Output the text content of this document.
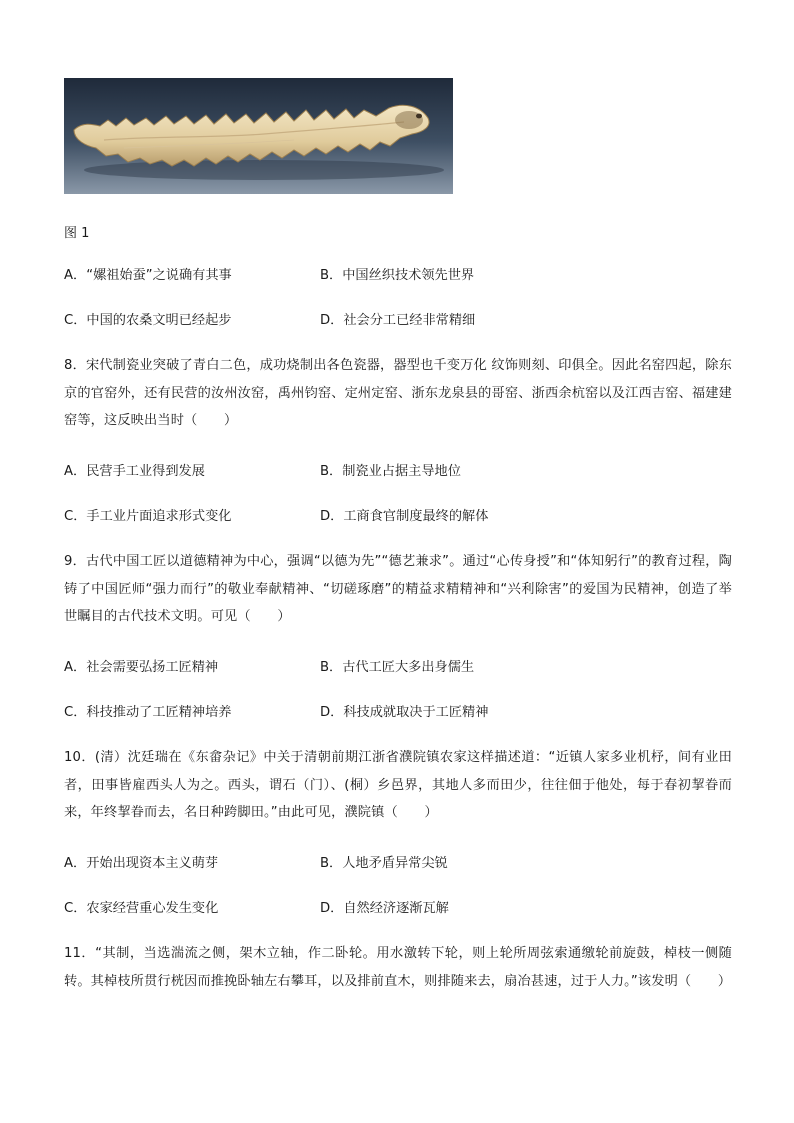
图 1
A．“嫘祖始蚕”之说确有其事	B．中国丝织技术领先世界
C．中国的农桑文明已经起步	D．社会分工已经非常精细
8．宋代制瓷业突破了青白二色，成功烧制出各色瓷器，器型也千变万化 纹饰则刻、印俱全。因此名窑四起，除东京的官窑外，还有民营的汝州汝窑，禹州钧窑、定州定窑、浙东龙泉县的哥窑、浙西余杭窑以及江西吉窑、福建建窑等，这反映出当时（　　）
A．民营手工业得到发展	B．制瓷业占据主导地位
C．手工业片面追求形式变化	D．工商食官制度最终的解体
9．古代中国工匠以道德精神为中心，强调“以德为先”“德艺兼求”。通过“心传身授”和“体知躬行”的教育过程，陶铸了中国匠师“强力而行”的敬业奉献精神、“切磋琢磨”的精益求精精神和“兴利除害”的爱国为民精神，创造了举世瞩目的古代技术文明。可见（　　）
A．社会需要弘扬工匠精神	B．古代工匠大多出身儒生
C．科技推动了工匠精神培养	D．科技成就取决于工匠精神
10．(清）沈廷瑞在《东畲杂记》中关于清朝前期江浙省濮院镇农家这样描述道：“近镇人家多业机杼，间有业田者，田事皆雇西头人为之。西头，谓石（门）、(桐）乡邑界，其地人多而田少，往往佃于他处，每于春初挈眷而来，年终挈眷而去，名日种跨脚田。”由此可见，濮院镇（　　）
A．开始出现资本主义萌芽	B．人地矛盾异常尖锐
C．农家经营重心发生变化	D．自然经济逐渐瓦解
11．“其制，当选湍流之侧，架木立轴，作二卧轮。用水激转下轮，则上轮所周弦索通缴轮前旋鼓，棹枝一侧随转。其棹枝所贯行桄因而推挽卧轴左右攀耳，以及排前直木，则排随来去，扇冶甚速，过于人力。”该发明（　　）
